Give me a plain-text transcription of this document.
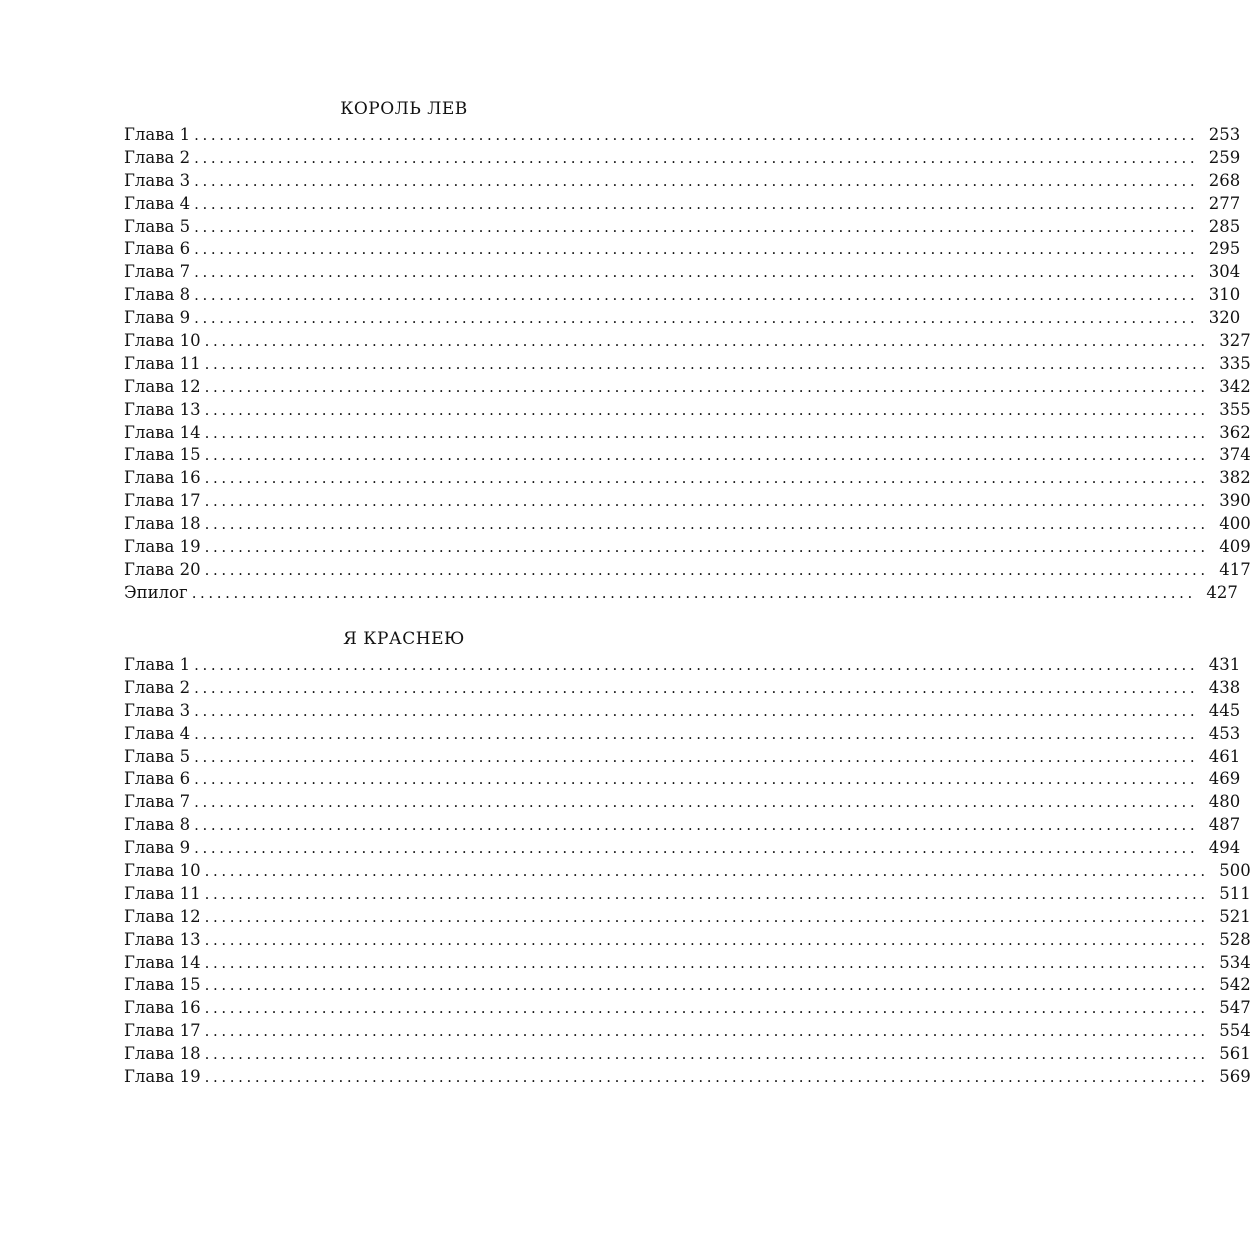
КОРОЛЬ ЛЕВ
Глава 1 ........................................................................................................................ 253
Глава 2 ........................................................................................................................ 259
Глава 3 ........................................................................................................................ 268
Глава 4 ........................................................................................................................ 277
Глава 5 ........................................................................................................................ 285
Глава 6 ........................................................................................................................ 295
Глава 7 ........................................................................................................................ 304
Глава 8 ........................................................................................................................ 310
Глава 9 ........................................................................................................................ 320
Глава 10 ........................................................................................................................ 327
Глава 11 ........................................................................................................................ 335
Глава 12 ........................................................................................................................ 342
Глава 13 ........................................................................................................................ 355
Глава 14 ........................................................................................................................ 362
Глава 15 ........................................................................................................................ 374
Глава 16 ........................................................................................................................ 382
Глава 17 ........................................................................................................................ 390
Глава 18 ........................................................................................................................ 400
Глава 19 ........................................................................................................................ 409
Глава 20 ........................................................................................................................ 417
Эпилог ........................................................................................................................ 427
Я КРАСНЕЮ
Глава 1 ........................................................................................................................ 431
Глава 2 ........................................................................................................................ 438
Глава 3 ........................................................................................................................ 445
Глава 4 ........................................................................................................................ 453
Глава 5 ........................................................................................................................ 461
Глава 6 ........................................................................................................................ 469
Глава 7 ........................................................................................................................ 480
Глава 8 ........................................................................................................................ 487
Глава 9 ........................................................................................................................ 494
Глава 10 ........................................................................................................................ 500
Глава 11 ........................................................................................................................ 511
Глава 12 ........................................................................................................................ 521
Глава 13 ........................................................................................................................ 528
Глава 14 ........................................................................................................................ 534
Глава 15 ........................................................................................................................ 542
Глава 16 ........................................................................................................................ 547
Глава 17 ........................................................................................................................ 554
Глава 18 ........................................................................................................................ 561
Глава 19 ........................................................................................................................ 569
